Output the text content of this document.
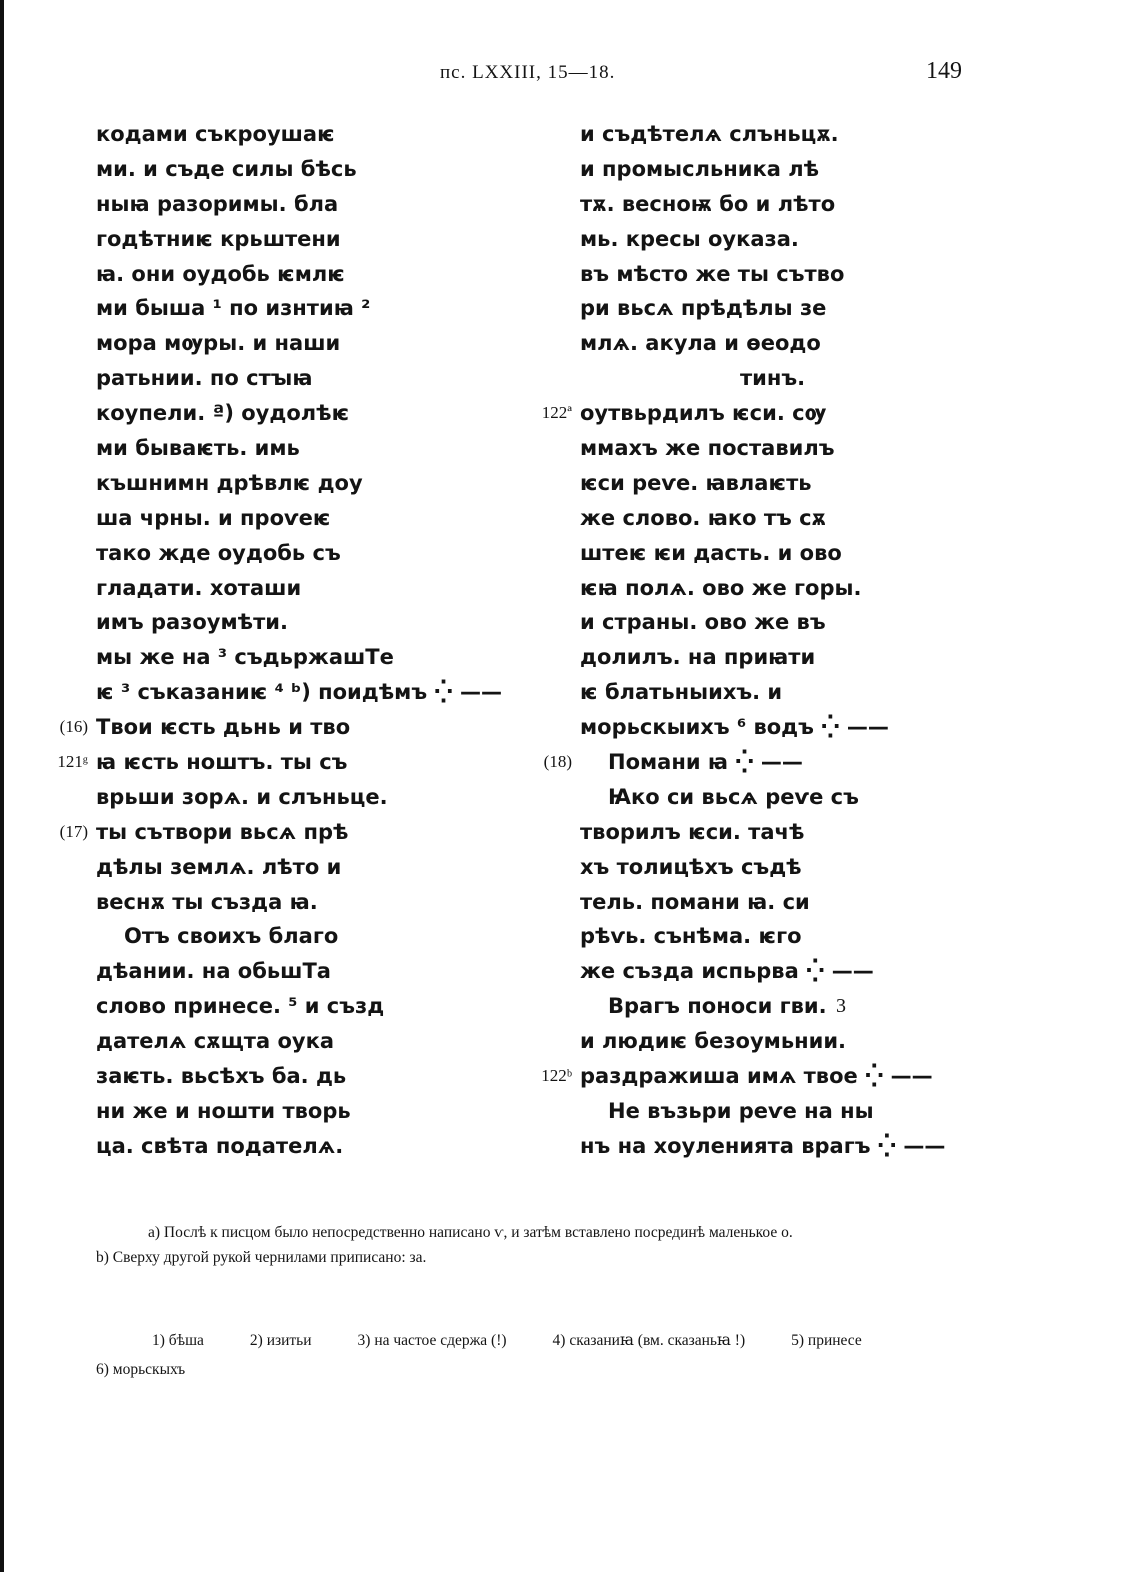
пс. LXXIII, 15—18.	149
кодами съкроушаѥ
ми. и съде силы бѣсь
ныꙗ разоримы. бла
годѣтниѥ крьштени
ꙗ. они оудобь ѥмлѥ
ми быша ¹ по изнтиꙗ ²
мора мѹры. и наши
ратьнии. по стꙑꙗ
коупели. ª) оудолѣѥ
ми бываѥть. имь
къшнимн дрѣвлѥ доу
ша чрны. и проѵеѥ
тако жде оудобь съ
гладати. хоташи
имъ разоумѣти.
мы же на ³ съдьржашТе
ѥ ³ съказаниѥ ⁴ ᵇ) поидѣмъ ⁛ ——
(16) Твои ѥсть дьнь и тво
121ᵍ ꙗ ѥсть ноштъ. ты съ
врьши зорѧ. и слъньце.
(17) ты сътвори вьсѧ прѣ
дѣлы землѧ. лѣто и
веснѫ ты създа ꙗ.
Отъ своихъ благо
дѣании. на обьшТа
слово принесе. ⁵ и създ
дателѧ сѫщта оука
заѥть. вьсѣхъ ба. дь
ни же и ношти творь
ца. свѣта подателѧ.
и съдѣтелѧ слъньцѫ.
и промысльника лѣ
тѫ. весноѭ бо и лѣто
мь. кресы оуказа.
въ мѣсто же ты сътво
ри вьсѧ прѣдѣлы зе
млѧ. акула и ѳеодо
тинъ.
122ª оутвьрдилъ ѥси. сѹ
ммахъ же поставилъ
ѥси реѵе. ꙗвлаѥть
же слово. ꙗко тъ сѫ
штеѥ ѥи дасть. и ово
ѥꙗ полѧ. ово же горы.
и страны. ово же въ
долилъ. на приꙗти
ѥ блатьныихъ. и
морьскыихъ ⁶ водъ ⁛ ——
(18) Помани ꙗ ⁛ ——
Ꙗко си вьсѧ реѵе съ
творилъ ѥси. тачѣ
хъ толицѣхъ съдѣ
тель. помани ꙗ. си
рѣѵь. сънѣма. ѥго
же създа испьрва ⁛ ——
Врагъ поноси гви.
и людиѥ безоумьнии.
122ᵇ раздражиша имѧ твое ⁛ ——
Не възьри реѵе на ны
нъ на хоуленията врагъ ⁛ ——
3
a) Послѣ к писцом было непосредственно написано ѵ, и затѣм вставлено посрединѣ маленькое о.
b) Сверху другой рукой чернилами приписано: за.
1) бѣша	2) изитьи	3) на частое сдержа (!)	4) сказаниꙗ (вм. сказаньꙗ !)	5) принесе
6) морьскыхъ
